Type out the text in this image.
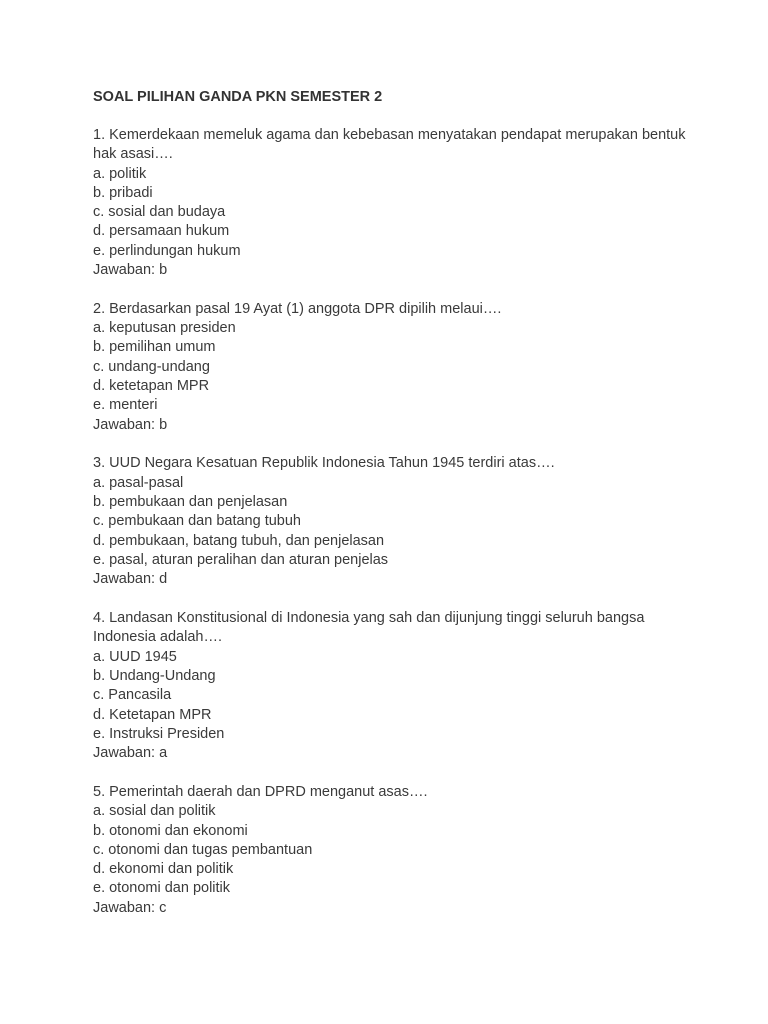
SOAL PILIHAN GANDA PKN SEMESTER 2
1. Kemerdekaan memeluk agama dan kebebasan menyatakan pendapat merupakan bentuk hak asasi….
a. politik
b. pribadi
c. sosial dan budaya
d. persamaan hukum
e. perlindungan hukum
Jawaban: b
2. Berdasarkan pasal 19 Ayat (1) anggota DPR dipilih melaui….
a. keputusan presiden
b. pemilihan umum
c. undang-undang
d. ketetapan MPR
e. menteri
Jawaban: b
3. UUD Negara Kesatuan Republik Indonesia Tahun 1945 terdiri atas….
a. pasal-pasal
b. pembukaan dan penjelasan
c. pembukaan dan batang tubuh
d. pembukaan, batang tubuh, dan penjelasan
e. pasal, aturan peralihan dan aturan penjelas
Jawaban: d
4. Landasan Konstitusional di Indonesia yang sah dan dijunjung tinggi seluruh bangsa Indonesia adalah….
a. UUD 1945
b. Undang-Undang
c. Pancasila
d. Ketetapan MPR
e. Instruksi Presiden
Jawaban: a
5. Pemerintah daerah dan DPRD menganut asas….
a. sosial dan politik
b. otonomi dan ekonomi
c. otonomi dan tugas pembantuan
d. ekonomi dan politik
e. otonomi dan politik
Jawaban: c
